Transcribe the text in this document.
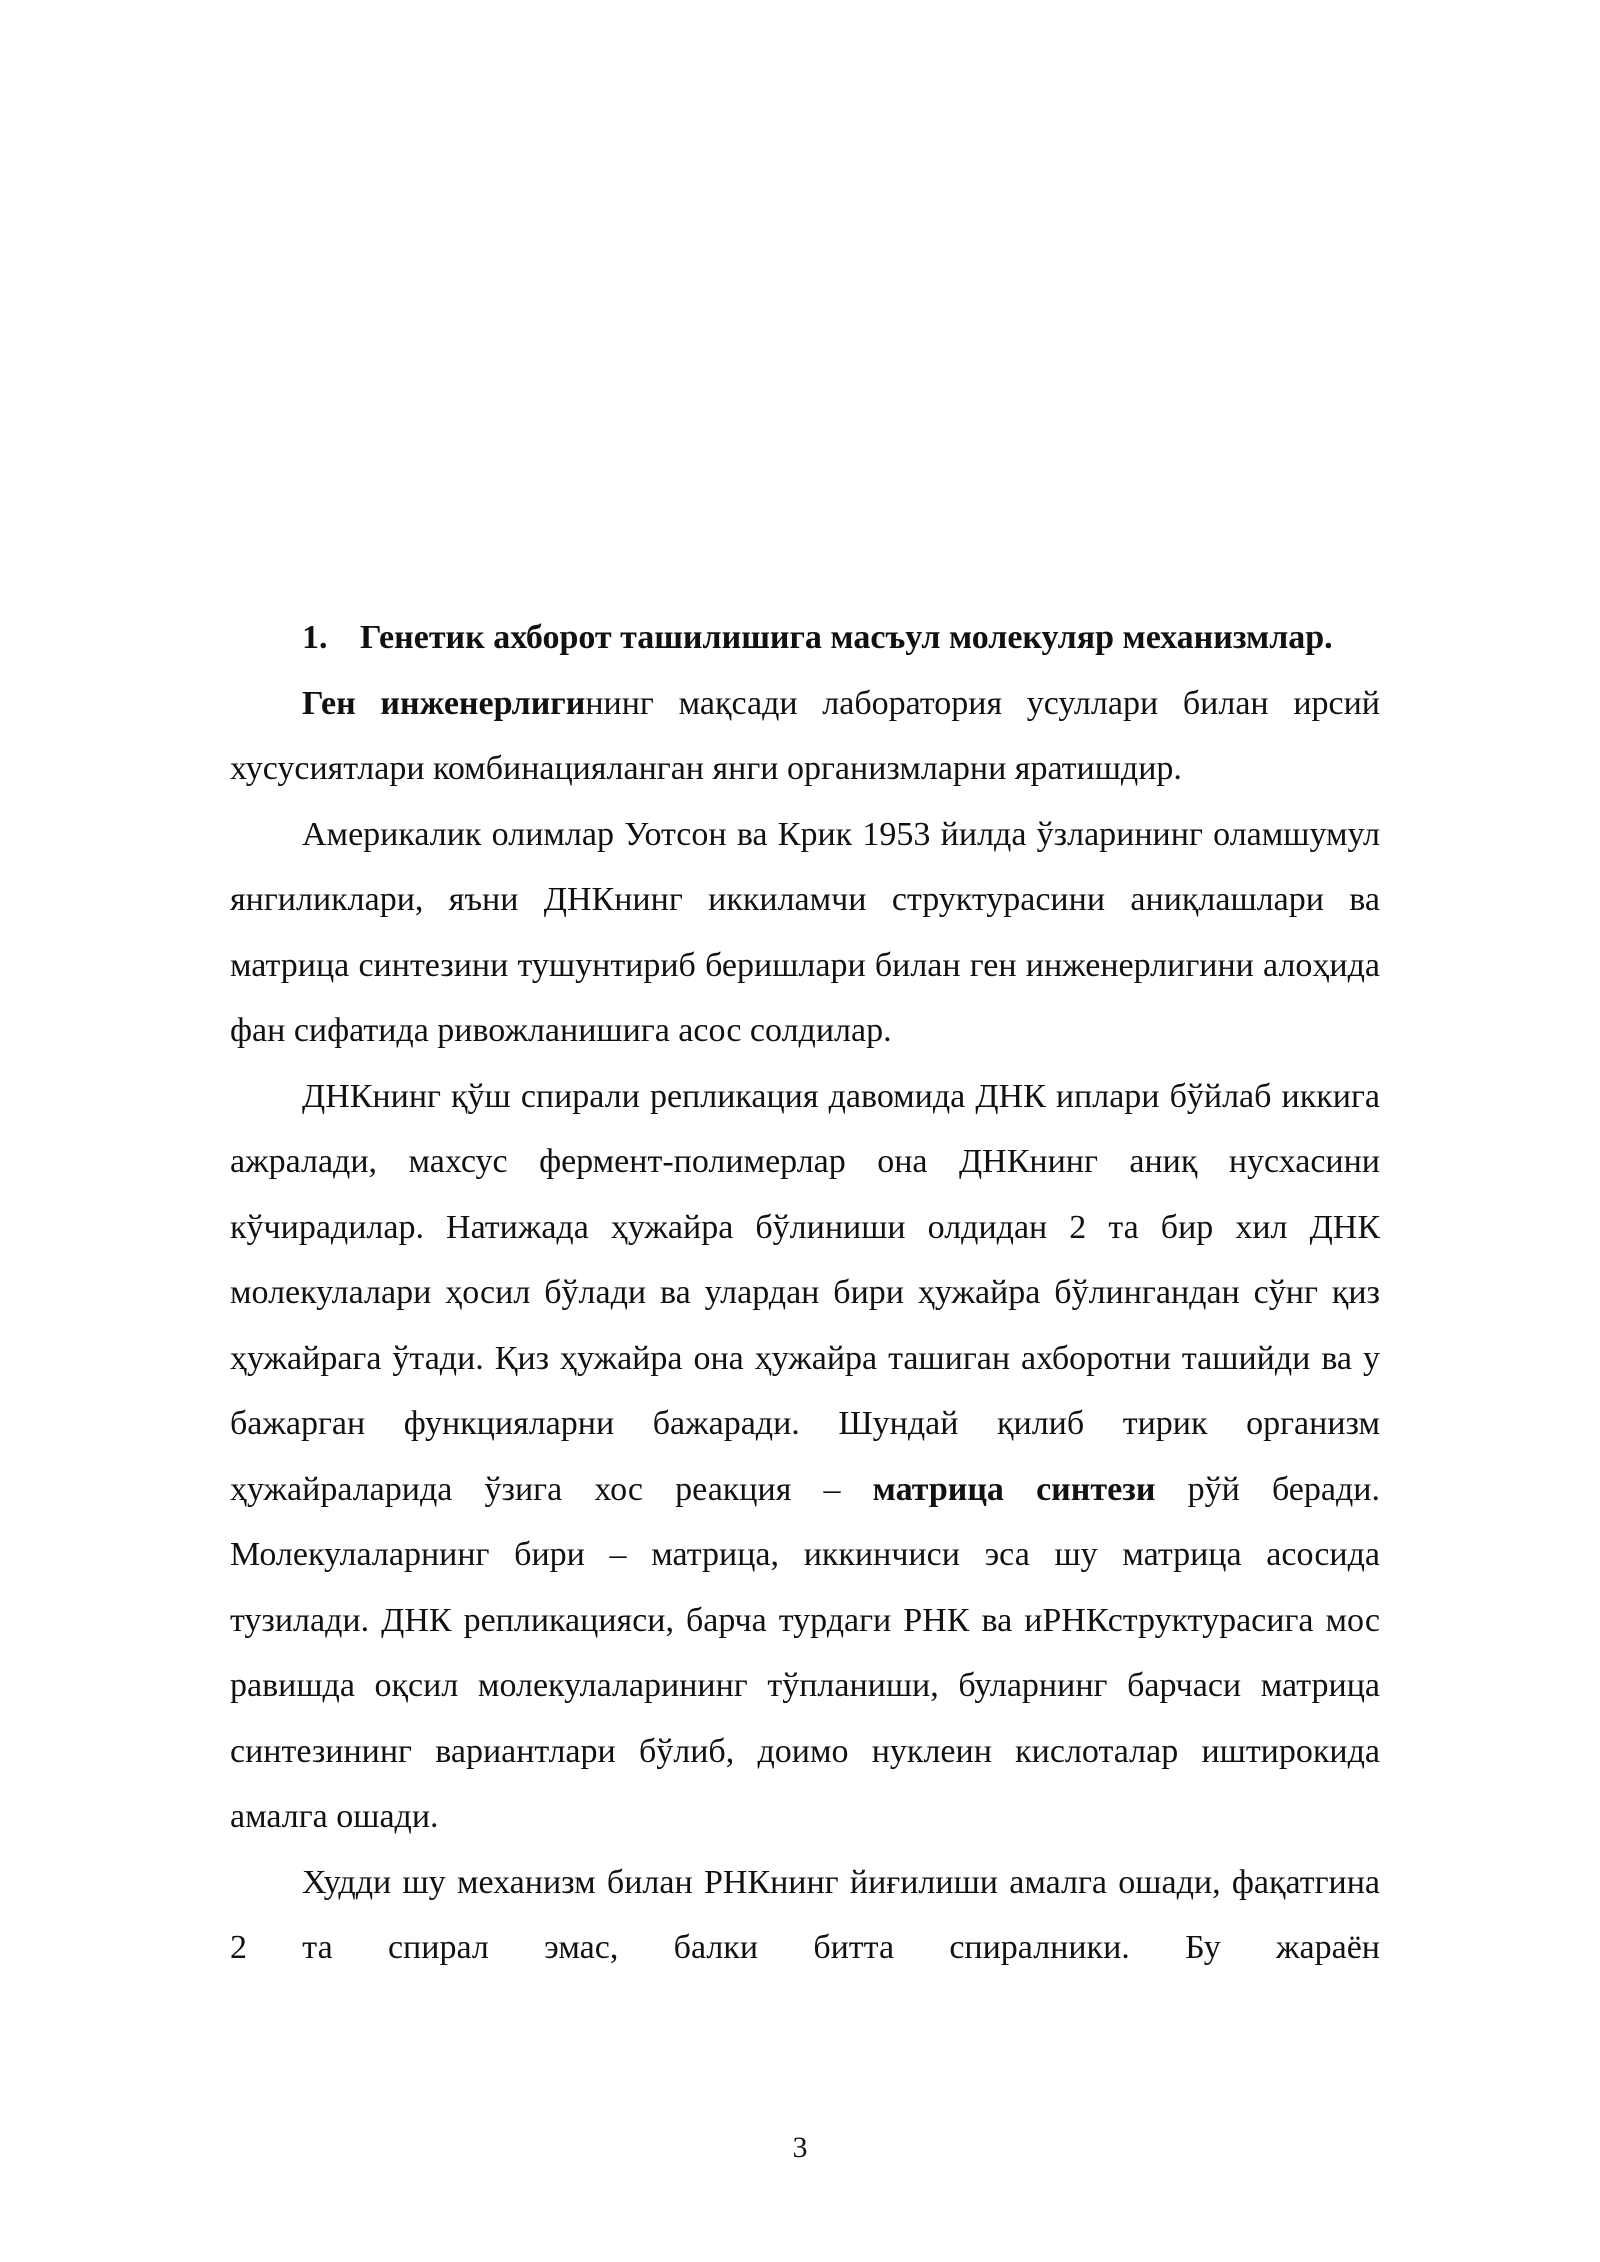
1. Генетик ахборот ташилишига масъул молекуляр механизмлар.

Ген инженерлигининг мақсади лаборатория усуллари билан ирсий хусусиятлари комбинацияланган янги организмларни яратишдир.

Америкалик олимлар Уотсон ва Крик 1953 йилда ўзларининг оламшумул янгиликлари, яъни ДНКнинг иккиламчи структурасини аниқлашлари ва матрица синтезини тушунтириб беришлари билан ген инженерлигини алоҳида фан сифатида ривожланишига асос солдилар.

ДНКнинг қўш спирали репликация давомида ДНК иплари бўйлаб иккига ажралади, махсус фермент-полимерлар она ДНКнинг аниқ нусхасини кўчирадилар. Натижада ҳужайра бўлиниши олдидан 2 та бир хил ДНК молекулалари ҳосил бўлади ва улардан бири ҳужайра бўлингандан сўнг қиз ҳужайрага ўтади. Қиз ҳужайра она ҳужайра ташиган ахборотни ташийди ва у бажарган функцияларни бажаради. Шундай қилиб тирик организм ҳужайраларида ўзига хос реакция – матрица синтези рўй беради. Молекулаларнинг бири – матрица, иккинчиси эса шу матрица асосида тузилади. ДНК репликацияси, барча турдаги РНК ва иРНКструктурасига мос равишда оқсил молекулаларининг тўпланиши, буларнинг барчаси матрица синтезининг вариантлари бўлиб, доимо нуклеин кислоталар иштирокида амалга ошади.

Худди шу механизм билан РНКнинг йиғилиши амалга ошади, фақатгина 2 та спирал эмас, балки битта спиралники. Бу жараён

3
